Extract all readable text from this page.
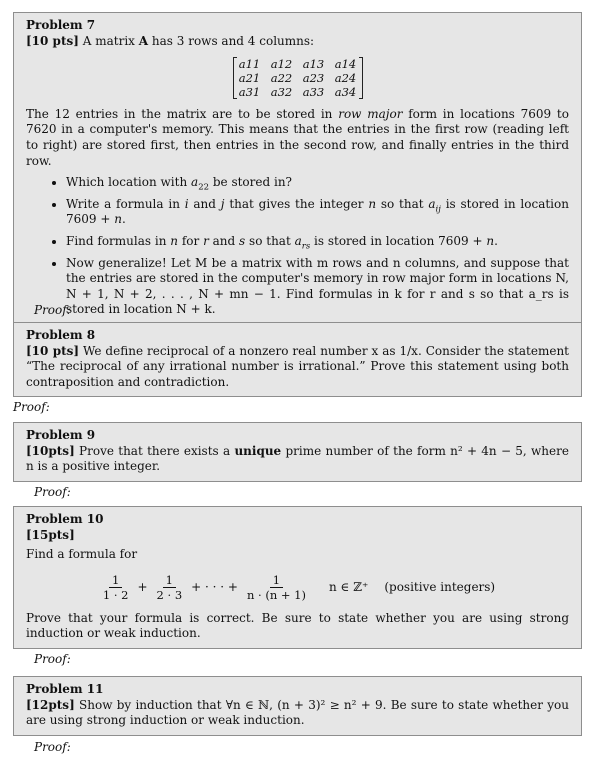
Problem 7
[10 pts] A matrix A has 3 rows and 4 columns:
a11 a12 a13 a14
a21 a22 a23 a24
a31 a32 a33 a34
The 12 entries in the matrix are to be stored in row major form in locations 7609 to 7620 in a computer's memory. This means that the entries in the first row (reading left to right) are stored first, then entries in the second row, and finally entries in the third row.
• Which location with $a_{22}$ be stored in?
• Write a formula in i and j that gives the integer n so that $a_{ij}$ is stored in location 7609 + n.
• Find formulas in n for r and s so that $a_{rs}$ is stored in location 7609 + n.
• Now generalize! Let M be a matrix with m rows and n columns, and suppose that the entries are stored in the computer's memory in row major form in locations N, N + 1, N + 2, . . . , N + mn − 1. Find formulas in k for r and s so that a_rs is stored in location N + k.
Proof:
Problem 8
[10 pts] We define reciprocal of a nonzero real number x as 1/x. Consider the statement “The reciprocal of any irrational number is irrational.” Prove this statement using both contraposition and contradiction.
Proof:
Problem 9
[10pts] Prove that there exists a unique prime number of the form n² + 4n − 5, where n is a positive integer.
Proof:
Problem 10
[15pts]
Find a formula for
$\frac{1}{1 \cdot 2} + \frac{1}{2 \cdot 3}$ + · · · + $\frac{1}{n \cdot (n + 1)}$ n ∈ ℤ⁺ (positive integers)
Prove that your formula is correct. Be sure to state whether you are using strong induction or weak induction.
Proof:
Problem 11
[12pts] Show by induction that ∀n ∈ ℕ, (n + 3)² ≥ n² + 9. Be sure to state whether you are using strong induction or weak induction.
Proof:
